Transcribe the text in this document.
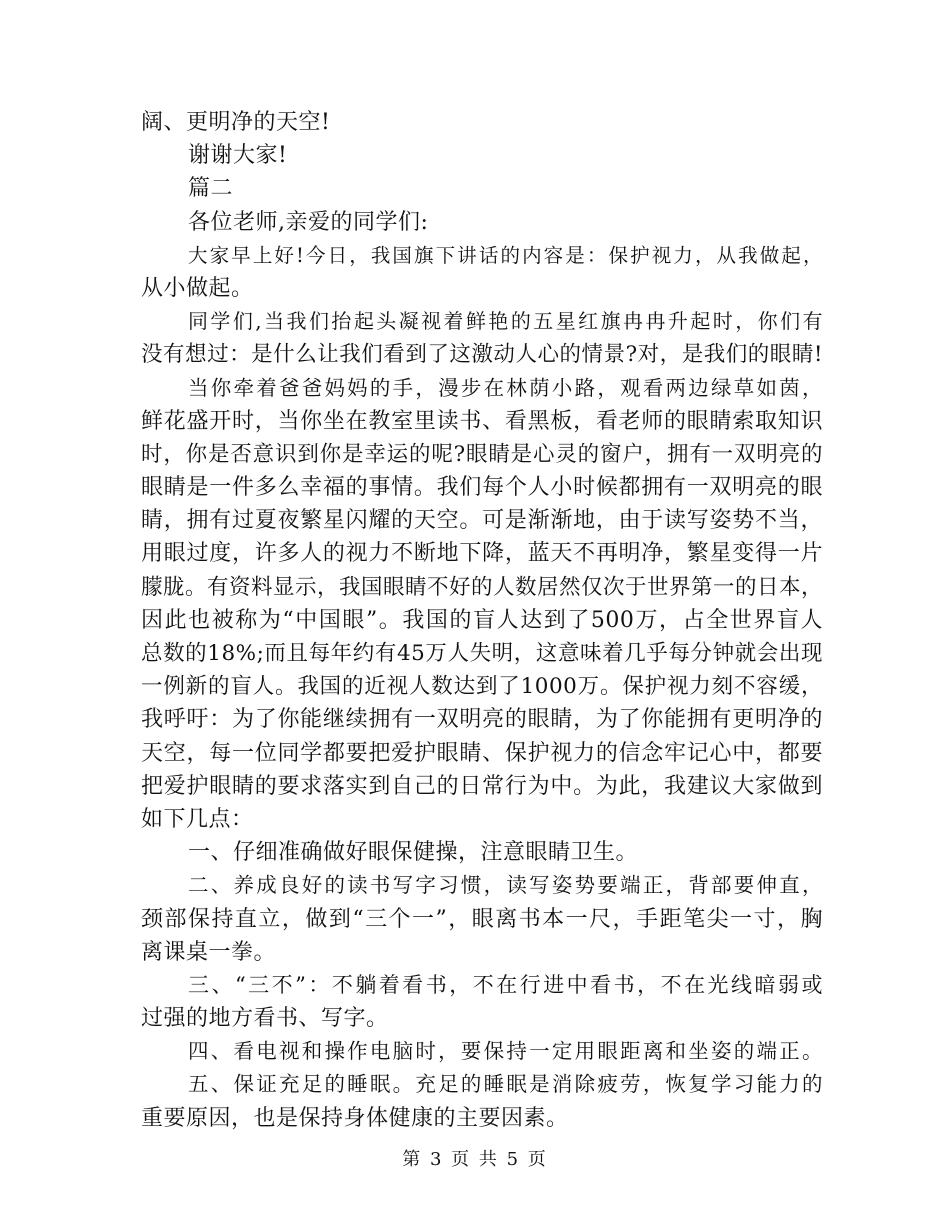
阔、更明净的天空!
谢谢大家!
篇二
各位老师,亲爱的同学们:
大家早上好!今日，我国旗下讲话的内容是：保护视力，从我做起，
从小做起。
同学们,当我们抬起头凝视着鲜艳的五星红旗冉冉升起时，你们有
没有想过：是什么让我们看到了这激动人心的情景?对，是我们的眼睛!
当你牵着爸爸妈妈的手，漫步在林荫小路，观看两边绿草如茵，
鲜花盛开时，当你坐在教室里读书、看黑板，看老师的眼睛索取知识
时，你是否意识到你是幸运的呢?眼睛是心灵的窗户，拥有一双明亮的
眼睛是一件多么幸福的事情。我们每个人小时候都拥有一双明亮的眼
睛，拥有过夏夜繁星闪耀的天空。可是渐渐地，由于读写姿势不当，
用眼过度，许多人的视力不断地下降，蓝天不再明净，繁星变得一片
朦胧。有资料显示，我国眼睛不好的人数居然仅次于世界第一的日本，
因此也被称为“中国眼”。我国的盲人达到了500万，占全世界盲人
总数的18%;而且每年约有45万人失明，这意味着几乎每分钟就会出现
一例新的盲人。我国的近视人数达到了1000万。保护视力刻不容缓，
我呼吁：为了你能继续拥有一双明亮的眼睛，为了你能拥有更明净的
天空，每一位同学都要把爱护眼睛、保护视力的信念牢记心中，都要
把爱护眼睛的要求落实到自己的日常行为中。为此，我建议大家做到
如下几点：
一、仔细准确做好眼保健操，注意眼睛卫生。
二、养成良好的读书写字习惯，读写姿势要端正，背部要伸直，
颈部保持直立，做到“三个一”，眼离书本一尺，手距笔尖一寸，胸
离课桌一拳。
三、“三不”：不躺着看书，不在行进中看书，不在光线暗弱或
过强的地方看书、写字。
四、看电视和操作电脑时，要保持一定用眼距离和坐姿的端正。
五、保证充足的睡眠。充足的睡眠是消除疲劳，恢复学习能力的
重要原因，也是保持身体健康的主要因素。
第 3 页 共 5 页
